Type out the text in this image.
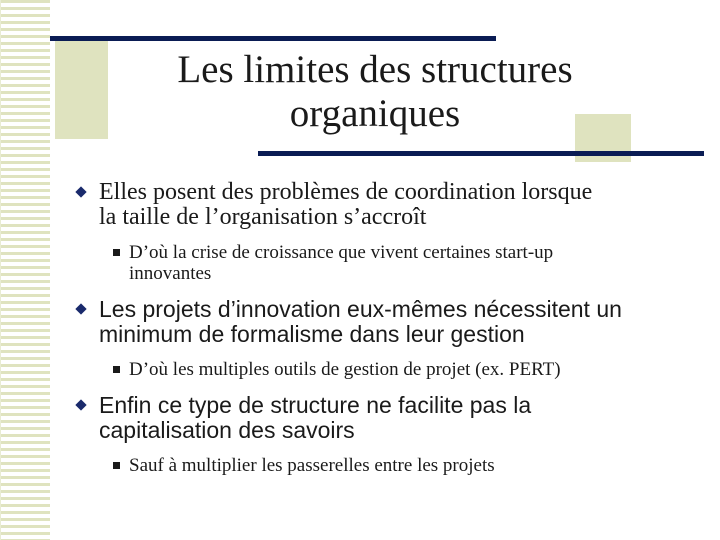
Les limites des structures
organiques
Elles posent des problèmes de coordination lorsque
la taille de l’organisation s’accroît
D’où la crise de croissance que vivent certaines start-up
innovantes
Les projets d’innovation eux-mêmes nécessitent un
minimum de formalisme dans leur gestion
D’où les multiples outils de gestion de projet (ex. PERT)
Enfin ce type de structure ne facilite pas la
capitalisation des savoirs
Sauf à multiplier les passerelles entre les projets
